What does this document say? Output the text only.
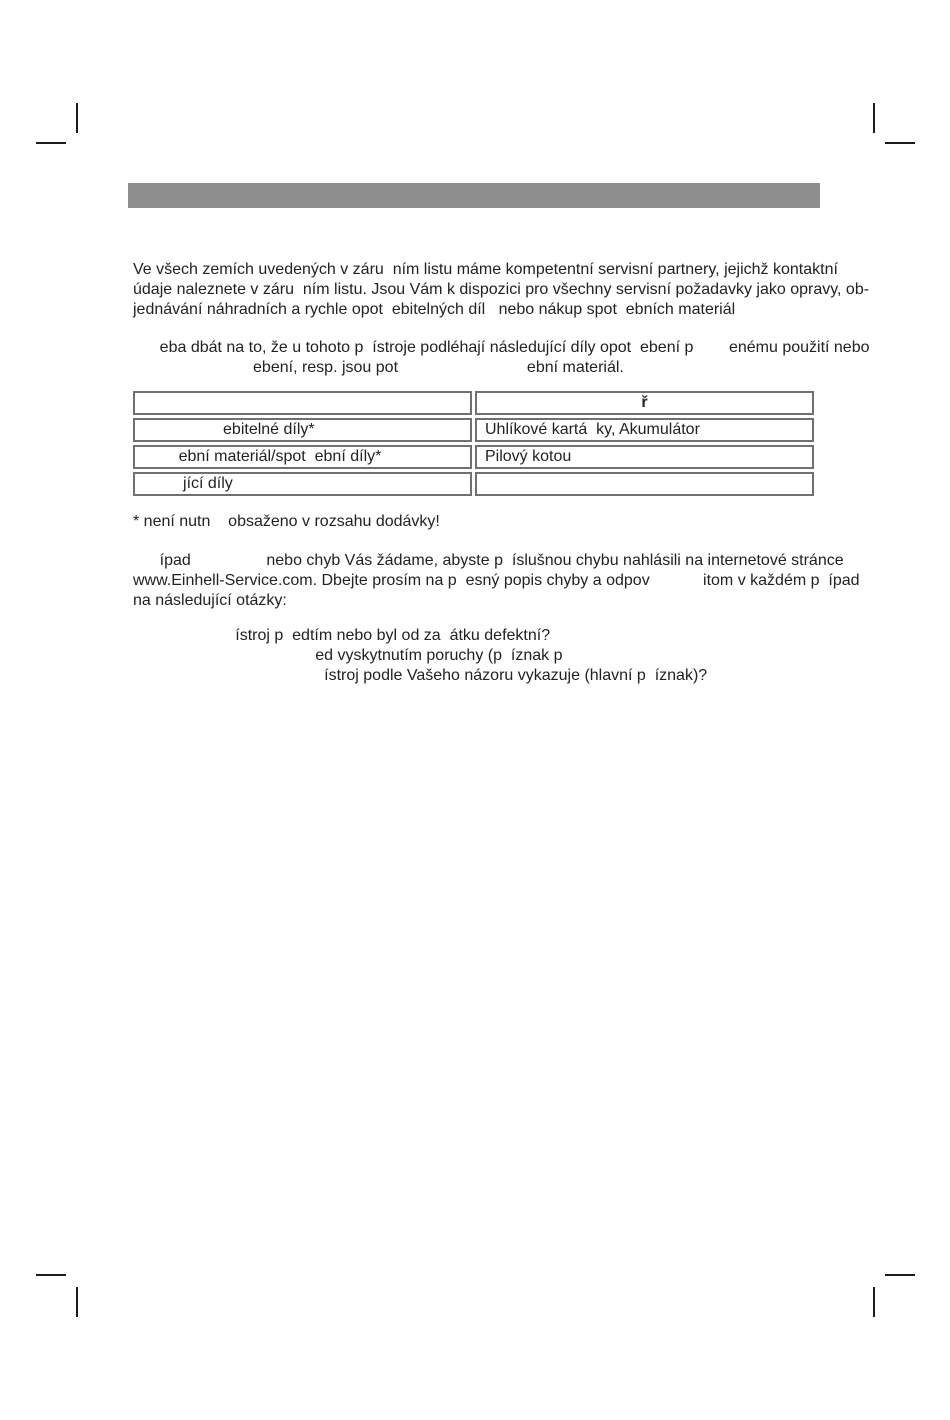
Ve všech zemích uvedených v záru  ním listu máme kompetentní servisní partnery, jejichž kontaktní
údaje naleznete v záru  ním listu. Jsou Vám k dispozici pro všechny servisní požadavky jako opravy, ob-
jednávání náhradních a rychle opot  ebitelných díl   nebo nákup spot  ebních materiál
eba dbát na to, že u tohoto p  ístroje podléhají následující díly opot  ebení p        enému použití nebo
ebení, resp. jsou pot                             ební materiál.
	ř
ebitelné díly*	Uhlíkové kartá  ky, Akumulátor
ební materiál/spot  ební díly*	Pilový kotou
jící díly	
* není nutn    obsaženo v rozsahu dodávky!
ípad                 nebo chyb Vás žádame, abyste p  íslušnou chybu nahlásili na internetové stránce
www.Einhell-Service.com. Dbejte prosím na p  esný popis chyby a odpov            itom v každém p  ípad
na následující otázky:
ístroj p  edtím nebo byl od za  átku defektní?
ed vyskytnutím poruchy (p  íznak p
ístroj podle Vašeho názoru vykazuje (hlavní p  íznak)?
